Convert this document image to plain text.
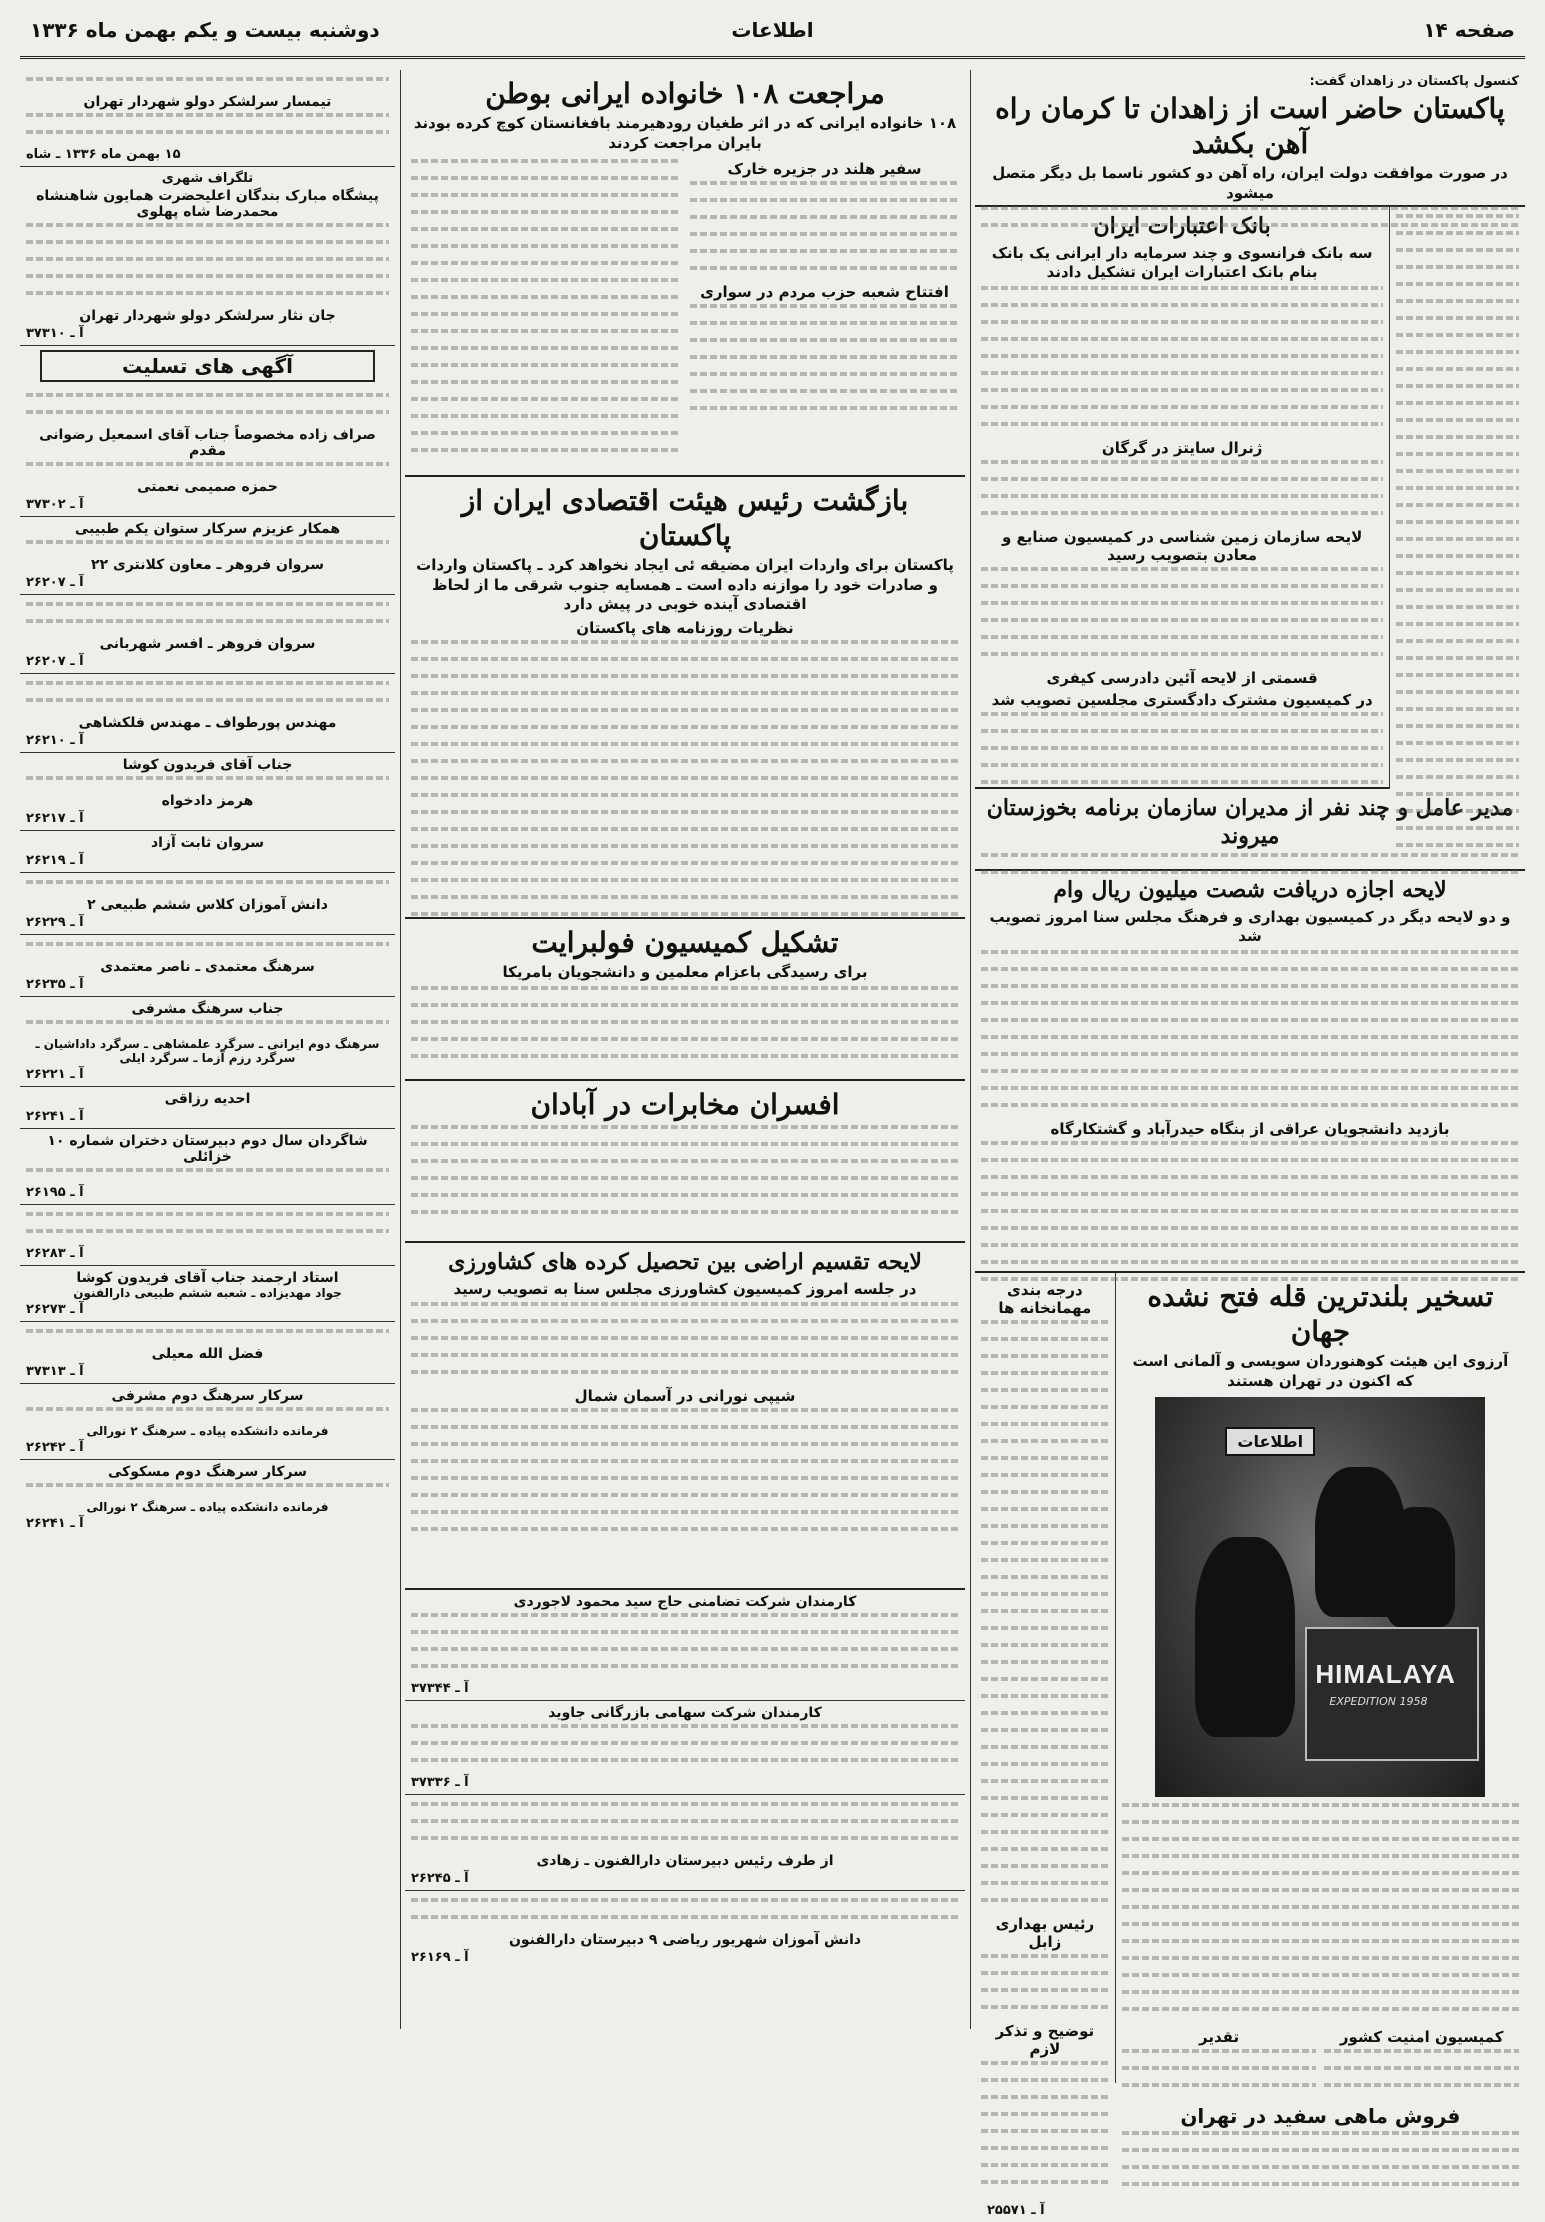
صفحه ۱۴
اطلاعات
دوشنبه بیست و یکم بهمن ماه ۱۳۳۶
کنسول پاکستان در زاهدان گفت:
پاکستان حاضر است از زاهدان تا کرمان راه آهن بکشد
در صورت موافقت دولت ایران، راه آهن دو کشور ناسما بل دیگر متصل میشود
بانک اعتبارات ایران
سه بانک فرانسوی و چند سرمایه دار ایرانی یک بانک بنام بانک اعتبارات ایران تشکیل دادند
ژنرال سایتز در گرگان
لایحه سازمان زمین شناسی در کمیسیون صنایع و معادن بتصویب رسید
قسمتی از لایحه آئین دادرسی کیفری
در کمیسیون مشترک دادگستری مجلسین تصویب شد
مدیر عامل و چند نفر از مدیران سازمان برنامه بخوزستان میروند
لایحه اجازه دریافت شصت میلیون ریال وام
و دو لایحه دیگر در کمیسیون بهداری و فرهنگ مجلس سنا امروز تصویب شد
بازدید دانشجویان عراقی از بنگاه حیدرآباد و گشتکارگاه
تسخیر بلندترین قله فتح نشده جهان
آرزوی این هیئت کوهنوردان سویسی و آلمانی است که اکنون در تهران هستند
اطلاعات
HIMALAYA
EXPEDITION 1958
کمیسیون امنیت کشور
تقدیر
فروش ماهی سفید در تهران
درجه بندی مهمانخانه ها
رئیس بهداری زابل
توضیح و تذکر لازم
آ ـ ۲۵۵۷۱
مراجعت ۱۰۸ خانواده ایرانی بوطن
۱۰۸ خانواده ایرانی که در اثر طغیان رودهیرمند بافغانستان کوچ کرده بودند بایران مراجعت کردند
سفیر هلند در جزیره خارک
افتتاح شعبه حزب مردم در سواری
بازگشت رئیس هیئت اقتصادی ایران از پاکستان
پاکستان برای واردات ایران مضیقه ئی ایجاد نخواهد کرد ـ پاکستان واردات و صادرات خود را موازنه داده است ـ همسایه جنوب شرقی ما از لحاظ اقتصادی آینده خوبی در پیش دارد
نظریات روزنامه های پاکستان
تشکیل کمیسیون فولبرایت
برای رسیدگی باعزام معلمین و دانشجویان بامریکا
افسران مخابرات در آبادان
لایحه تقسیم اراضی بین تحصیل کرده های کشاورزی
در جلسه امروز کمیسیون کشاورزی مجلس سنا به تصویب رسید
شیپی نورانی در آسمان شمال
کارمندان شرکت تضامنی حاج سید محمود لاجوردی
آ ـ ۳۷۳۴۴
کارمندان شرکت سهامی بازرگانی جاوید
آ ـ ۳۷۳۳۶
از طرف رئیس دبیرستان دارالفنون ـ زهادی
آ ـ ۲۶۲۴۵
دانش آموزان شهریور ریاضی ۹ دبیرستان دارالفنون
آ ـ ۲۶۱۶۹
تیمسار سرلشکر دولو شهردار تهران
۱۵ بهمن ماه ۱۳۳۶ ـ شاه
تلگراف شهری
پیشگاه مبارک بندگان اعلیحضرت همایون شاهنشاه محمدرضا شاه پهلوی
جان نثار سرلشکر دولو شهردار تهران
آ ـ ۳۷۳۱۰
آگهی های تسلیت
صراف زاده مخصوصاً جناب آقای اسمعیل رضوانی مقدم
حمزه صمیمی نعمتی
آ ـ ۳۷۳۰۲
همکار عزیزم سرکار ستوان یکم طبیبی
سروان فروهر ـ معاون کلانتری ۲۲
آ ـ ۲۶۲۰۷
سروان فروهر ـ افسر شهربانی
آ ـ ۲۶۲۰۷
مهندس پورطواف ـ مهندس فلکشاهی
آ ـ ۲۶۲۱۰
جناب آقای فریدون کوشا
هرمز دادخواه
آ ـ ۲۶۲۱۷
سروان ثابت آزاد
آ ـ ۲۶۲۱۹
دانش آموزان کلاس ششم طبیعی ۲
آ ـ ۲۶۲۲۹
سرهنگ معتمدی ـ ناصر معتمدی
آ ـ ۲۶۲۳۵
جناب سرهنگ مشرفی
سرهنگ دوم ایرانی ـ سرگرد علمشاهی ـ سرگرد داداشیان ـ سرگرد رزم آزما ـ سرگرد ایلی
آ ـ ۲۶۲۲۱
احدیه رزاقی
آ ـ ۲۶۲۴۱
شاگردان سال دوم دبیرستان دختران شماره ۱۰ خزائلی
آ ـ ۲۶۱۹۵
آ ـ ۲۶۲۸۳
استاد ارجمند جناب آقای فریدون کوشا
جواد مهدیزاده ـ شعبه ششم طبیعی دارالفنون
آ ـ ۲۶۲۷۳
فضل الله معیلی
آ ـ ۳۷۳۱۳
سرکار سرهنگ دوم مشرفی
فرمانده دانشکده پیاده ـ سرهنگ ۲ نورالی
آ ـ ۲۶۲۴۲
سرکار سرهنگ دوم مسکوکی
فرمانده دانشکده پیاده ـ سرهنگ ۲ نورالی
آ ـ ۲۶۲۴۱
